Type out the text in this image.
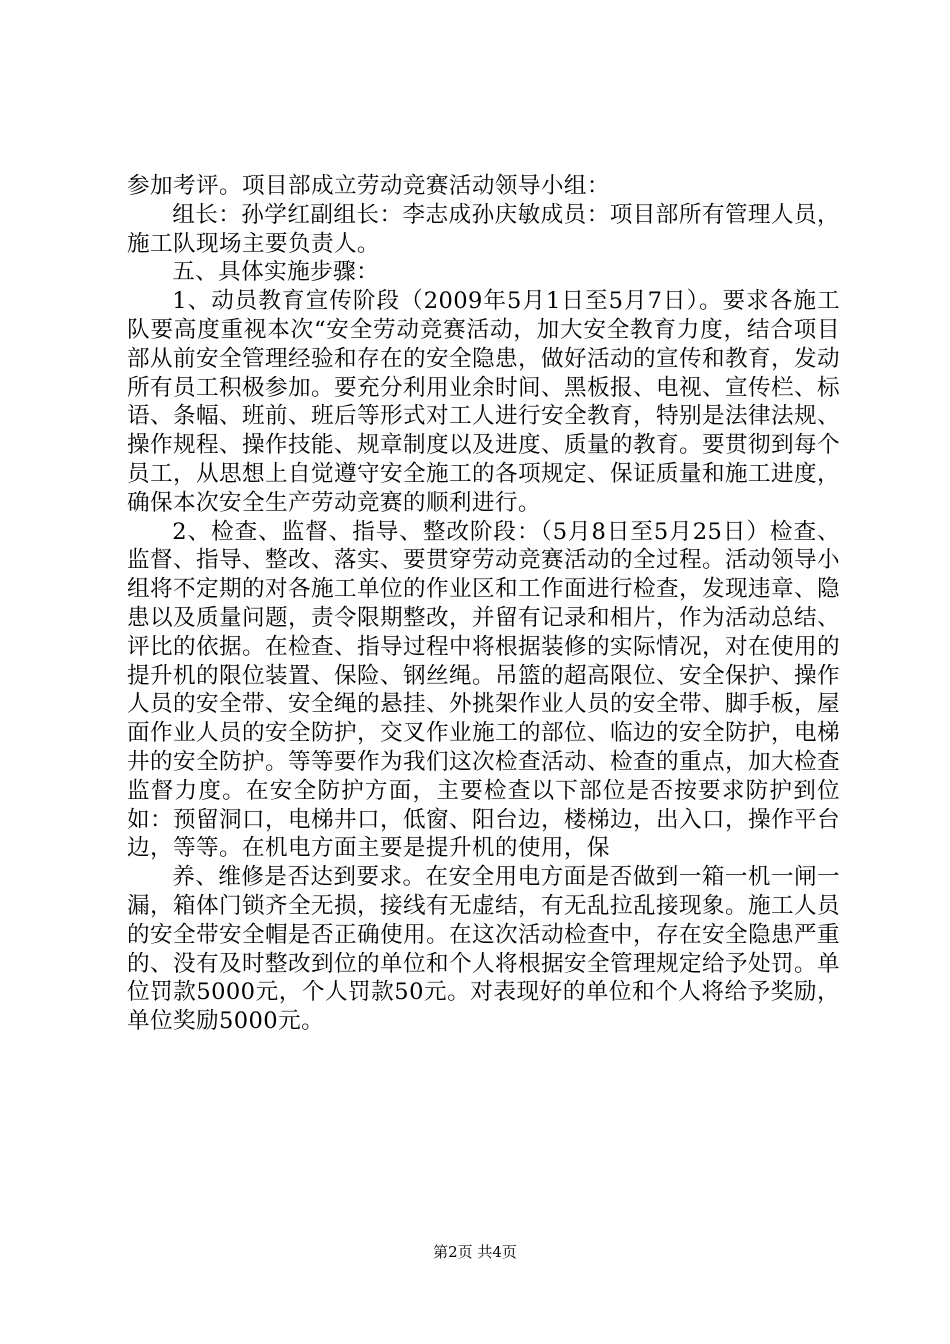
参加考评。项目部成立劳动竞赛活动领导小组：

组长：孙学红副组长：李志成孙庆敏成员：项目部所有管理人员，施工队现场主要负责人。

五、具体实施步骤：

1、动员教育宣传阶段（2009年5月1日至5月7日）。要求各施工队要高度重视本次“安全劳动竞赛活动，加大安全教育力度，结合项目部从前安全管理经验和存在的安全隐患，做好活动的宣传和教育，发动所有员工积极参加。要充分利用业余时间、黑板报、电视、宣传栏、标语、条幅、班前、班后等形式对工人进行安全教育，特别是法律法规、操作规程、操作技能、规章制度以及进度、质量的教育。要贯彻到每个员工，从思想上自觉遵守安全施工的各项规定、保证质量和施工进度，确保本次安全生产劳动竞赛的顺利进行。

2、检查、监督、指导、整改阶段：（5月8日至5月25日）检查、监督、指导、整改、落实、要贯穿劳动竞赛活动的全过程。活动领导小组将不定期的对各施工单位的作业区和工作面进行检查，发现违章、隐患以及质量问题，责令限期整改，并留有记录和相片，作为活动总结、评比的依据。在检查、指导过程中将根据装修的实际情况，对在使用的提升机的限位装置、保险、钢丝绳。吊篮的超高限位、安全保护、操作人员的安全带、安全绳的悬挂、外挑架作业人员的安全带、脚手板，屋面作业人员的安全防护，交叉作业施工的部位、临边的安全防护，电梯井的安全防护。等等要作为我们这次检查活动、检查的重点，加大检查监督力度。在安全防护方面，主要检查以下部位是否按要求防护到位如：预留洞口，电梯井口，低窗、阳台边，楼梯边，出入口，操作平台边，等等。在机电方面主要是提升机的使用，保

养、维修是否达到要求。在安全用电方面是否做到一箱一机一闸一漏，箱体门锁齐全无损，接线有无虚结，有无乱拉乱接现象。施工人员的安全带安全帽是否正确使用。在这次活动检查中，存在安全隐患严重的、没有及时整改到位的单位和个人将根据安全管理规定给予处罚。单位罚款5000元，个人罚款50元。对表现好的单位和个人将给予奖励，单位奖励5000元。

第2页 共4页
